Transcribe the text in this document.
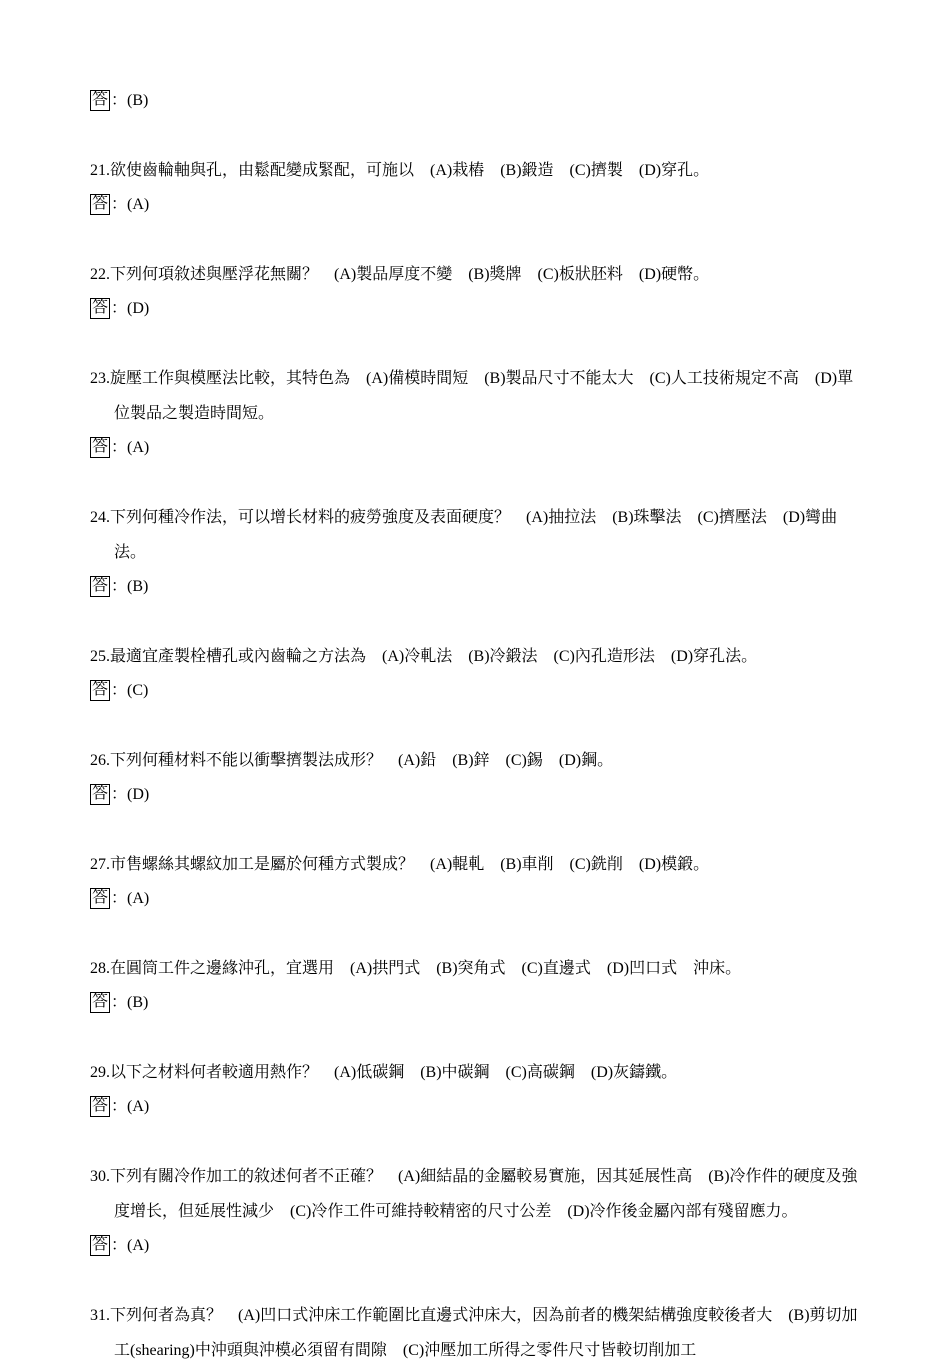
答 ：(B)
21.欲使齒輪軸與孔，由鬆配變成緊配，可施以　(A)栽樁　(B)鍛造　(C)擠製　(D)穿孔。
答 ：(A)
22.下列何項敘述與壓浮花無關？　(A)製品厚度不變　(B)獎牌　(C)板狀胚料　(D)硬幣。
答 ：(D)
23.旋壓工作與模壓法比較，其特色為　(A)備模時間短　(B)製品尺寸不能太大　(C)人工技術規定不高　(D)單位製品之製造時間短。
答 ：(A)
24.下列何種冷作法，可以增长材料的疲勞強度及表面硬度？　(A)抽拉法　(B)珠擊法　(C)擠壓法　(D)彎曲法。
答 ：(B)
25.最適宜產製栓槽孔或內齒輪之方法為　(A)冷軋法　(B)冷鍛法　(C)內孔造形法　(D)穿孔法。
答 ：(C)
26.下列何種材料不能以衝擊擠製法成形？　(A)鉛　(B)鋅　(C)錫　(D)鋼。
答 ：(D)
27.市售螺絲其螺紋加工是屬於何種方式製成？　(A)輥軋　(B)車削　(C)銑削　(D)模鍛。
答 ：(A)
28.在圓筒工件之邊緣沖孔，宜選用　(A)拱門式　(B)突角式　(C)直邊式　(D)凹口式　沖床。
答 ：(B)
29.以下之材料何者較適用熱作？　(A)低碳鋼　(B)中碳鋼　(C)高碳鋼　(D)灰鑄鐵。
答 ：(A)
30.下列有關冷作加工的敘述何者不正確？　(A)細結晶的金屬較易實施，因其延展性高　(B)冷作件的硬度及強度增长，但延展性減少　(C)冷作工件可維持較精密的尺寸公差　(D)冷作後金屬內部有殘留應力。
答 ：(A)
31.下列何者為真？　(A)凹口式沖床工作範圍比直邊式沖床大，因為前者的機架結構強度較後者大　(B)剪切加工(shearing)中沖頭與沖模必須留有間隙　(C)沖壓加工所得之零件尺寸皆較切削加工
